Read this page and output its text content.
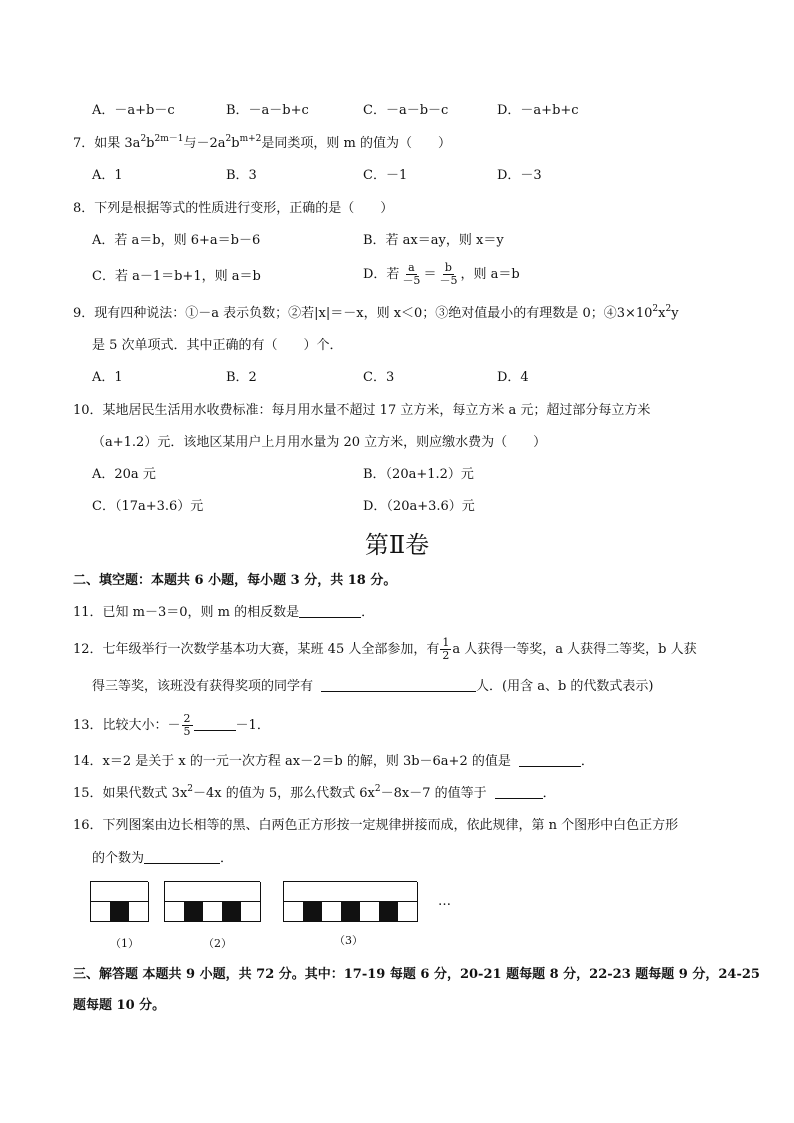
A．－a+b－c	B．－a－b+c	C．－a－b－c	D．－a+b+c
7．如果 $3a^2b^{2m-1}$与$-2a^2b^{m+2}$是同类项，则 m 的值为（　　）
A．1	B．3	C．－1	D．－3
8．下列是根据等式的性质进行变形，正确的是（　　）
A．若 a＝b，则 6+a＝b－6	B．若 ax＝ay，则 x＝y
C．若 a－1＝b+1，则 a＝b	D．若 $\frac{a}{-5} = \frac{b}{-5}$ ，则 a＝b
9．现有四种说法：①－a 表示负数；②若|x|＝－x，则 x＜0；③绝对值最小的有理数是 0；$④3\times 10^2x^2y$
是 5 次单项式．其中正确的有（　　）个．
A．1	B．2	C．3	D．4
10．某地居民生活用水收费标准：每月用水量不超过 17 立方米，每立方米 a 元；超过部分每立方米
（a+1.2）元．该地区某用户上月用水量为 20 立方米，则应缴水费为（　　）
A．20a 元	B．（20a+1.2）元
C．（17a+3.6）元	D．（20a+3.6）元
第Ⅱ卷
二、填空题：本题共 6 小题，每小题 3 分，共 18 分。
11．已知 m－3＝0，则 m 的相反数是	．
12．七年级举行一次数学基本功大赛，某班 45 人全部参加，有 $\frac{1}{2}$ a 人获得一等奖，a 人获得二等奖，b 人获
得三等奖，该班没有获得奖项的同学有	人．(用含 a、b 的代数式表示)
13．比较大小：－ $\frac{2}{5}$	－1．
14．x＝2 是关于 x 的一元一次方程 ax－2＝b 的解，则 3b－6a+2 的值是	．
15．如果代数式 $3x^2-4x$ 的值为 5，那么代数式 $6x^2-8x-7$ 的值等于	．
16．下列图案由边长相等的黑、白两色正方形按一定规律拼接而成，依此规律，第 n 个图形中白色正方形
的个数为	．
（1）	（2）	（3）
…
三、解答题 本题共 9 小题，共 72 分。其中：17-19 每题 6 分，20-21 题每题 8 分，22-23 题每题 9 分，24-25
题每题 10 分。
